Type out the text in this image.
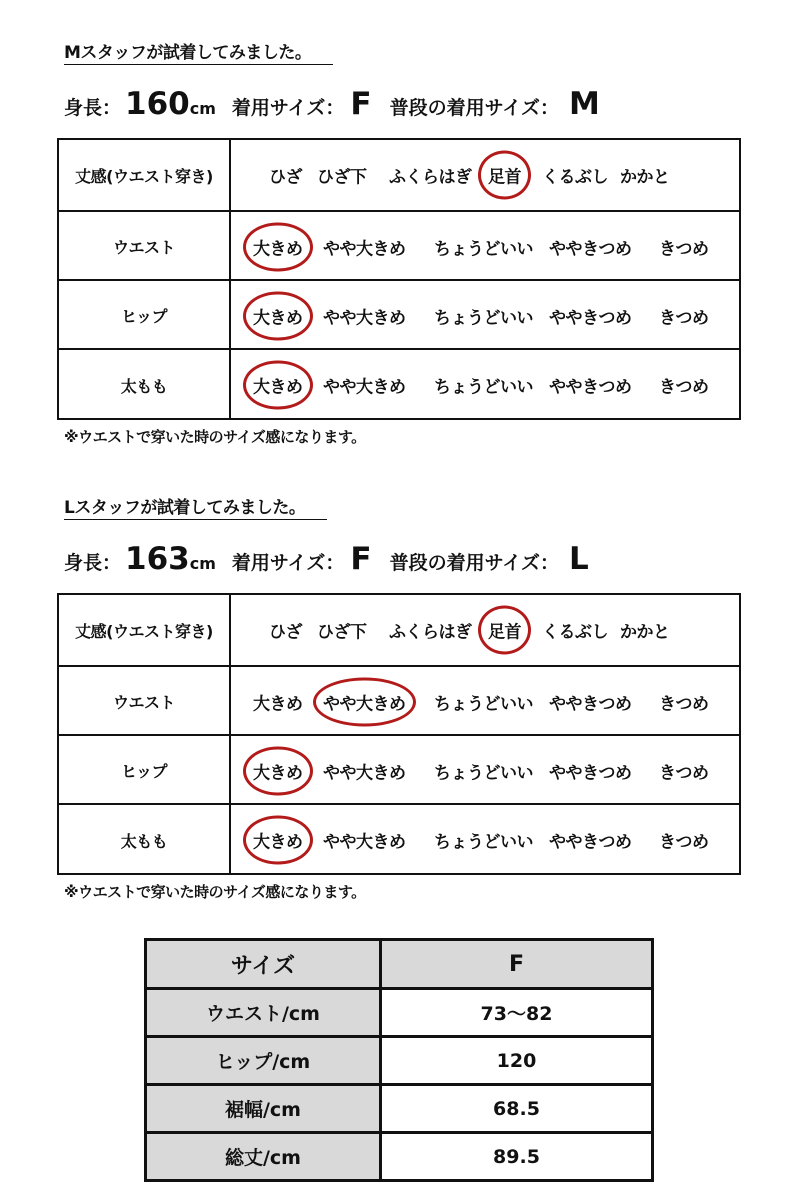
Mスタッフが試着してみました。
身長： 160 cm 着用サイズ： F 普段の着用サイズ： M
丈感(ウエスト穿き)	ひざ ひざ下 ふくらはぎ 足首 くるぶし かかと
ウエスト	大きめ やや大きめ ちょうどいい ややきつめ きつめ
ヒップ	大きめ やや大きめ ちょうどいい ややきつめ きつめ
太もも	大きめ やや大きめ ちょうどいい ややきつめ きつめ
※ウエストで穿いた時のサイズ感になります。
Lスタッフが試着してみました。
身長： 163 cm 着用サイズ： F 普段の着用サイズ： L
丈感(ウエスト穿き)	ひざ ひざ下 ふくらはぎ 足首 くるぶし かかと
ウエスト	大きめ やや大きめ ちょうどいい ややきつめ きつめ
ヒップ	大きめ やや大きめ ちょうどいい ややきつめ きつめ
太もも	大きめ やや大きめ ちょうどいい ややきつめ きつめ
※ウエストで穿いた時のサイズ感になります。
サイズ	F
ウエスト/cm	73〜82
ヒップ/cm	120
裾幅/cm	68.5
総丈/cm	89.5
